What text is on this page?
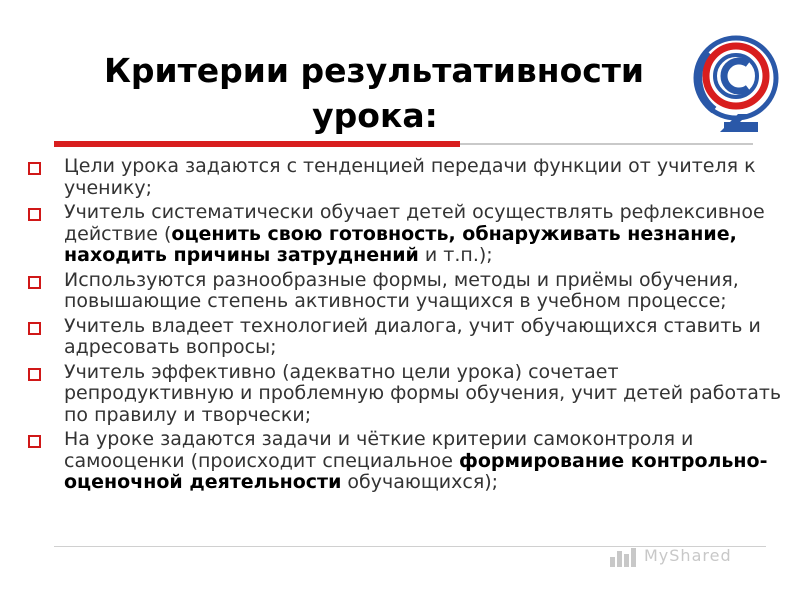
Критерии результативности
урока:
Цели урока задаются с тенденцией передачи функции от учителя к ученику;
Учитель систематически обучает детей осуществлять рефлексивное действие (оценить свою готовность, обнаруживать незнание, находить причины затруднений и т.п.);
Используются разнообразные формы, методы и приёмы обучения, повышающие степень активности учащихся в учебном процессе;
Учитель владеет технологией диалога, учит обучающихся ставить и адресовать вопросы;
Учитель эффективно (адекватно цели урока) сочетает репродуктивную и проблемную формы обучения, учит детей работать по правилу и творчески;
На уроке задаются задачи и чёткие критерии самоконтроля и самооценки (происходит специальное формирование контрольно-оценочной деятельности обучающихся);
MyShared
